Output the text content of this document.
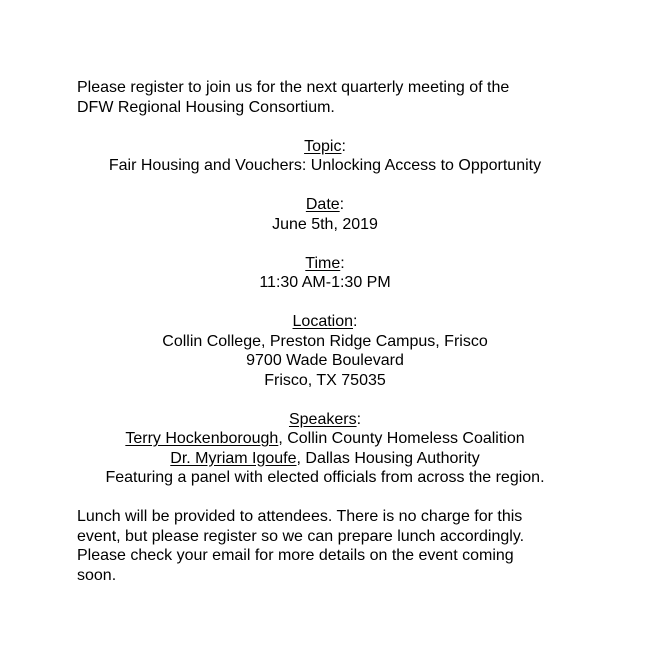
Please register to join us for the next quarterly meeting of the
DFW Regional Housing Consortium.

Topic:
Fair Housing and Vouchers: Unlocking Access to Opportunity
Date:
June 5th, 2019
Time:
11:30 AM-1:30 PM
Location:
Collin College, Preston Ridge Campus, Frisco
9700 Wade Boulevard
Frisco, TX 75035
Speakers:
Terry Hockenborough, Collin County Homeless Coalition
Dr. Myriam Igoufe, Dallas Housing Authority
Featuring a panel with elected officials from across the region.

Lunch will be provided to attendees. There is no charge for this
event, but please register so we can prepare lunch accordingly.
Please check your email for more details on the event coming
soon.
